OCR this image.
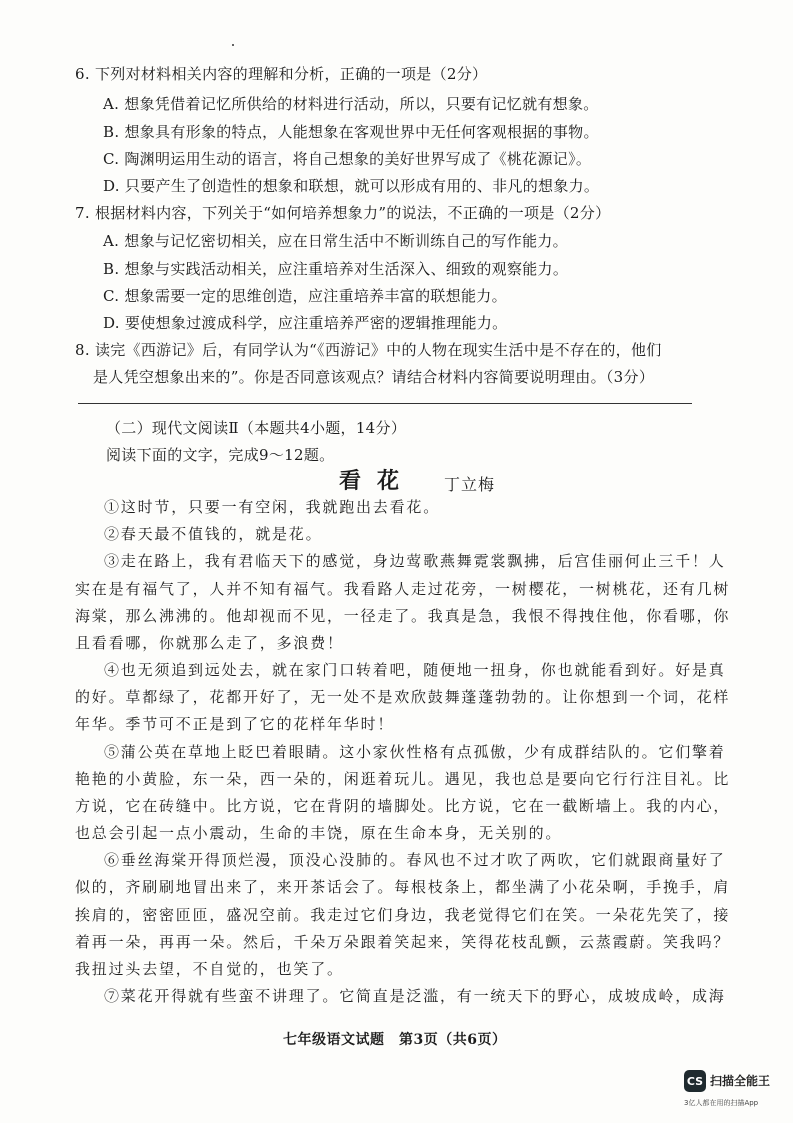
6. 下列对材料相关内容的理解和分析，正确的一项是（2分）
A. 想象凭借着记忆所供给的材料进行活动，所以，只要有记忆就有想象。
B. 想象具有形象的特点，人能想象在客观世界中无任何客观根据的事物。
C. 陶渊明运用生动的语言，将自己想象的美好世界写成了《桃花源记》。
D. 只要产生了创造性的想象和联想，就可以形成有用的、非凡的想象力。
7. 根据材料内容，下列关于“如何培养想象力”的说法，不正确的一项是（2分）
A. 想象与记忆密切相关，应在日常生活中不断训练自己的写作能力。
B. 想象与实践活动相关，应注重培养对生活深入、细致的观察能力。
C. 想象需要一定的思维创造，应注重培养丰富的联想能力。
D. 要使想象过渡成科学，应注重培养严密的逻辑推理能力。
8. 读完《西游记》后，有同学认为“《西游记》中的人物在现实生活中是不存在的，他们
是人凭空想象出来的”。你是否同意该观点？请结合材料内容简要说明理由。（3分）
（二）现代文阅读Ⅱ（本题共4小题，14分）
阅读下面的文字，完成9～12题。
看花 丁立梅
①这时节，只要一有空闲，我就跑出去看花。
②春天最不值钱的，就是花。
③走在路上，我有君临天下的感觉，身边莺歌燕舞霓裳飘拂，后宫佳丽何止三千！人
实在是有福气了，人并不知有福气。我看路人走过花旁，一树樱花，一树桃花，还有几树
海棠，那么沸沸的。他却视而不见，一径走了。我真是急，我恨不得拽住他，你看哪，你
且看看哪，你就那么走了，多浪费！
④也无须追到远处去，就在家门口转着吧，随便地一扭身，你也就能看到好。好是真
的好。草都绿了，花都开好了，无一处不是欢欣鼓舞蓬蓬勃勃的。让你想到一个词，花样
年华。季节可不正是到了它的花样年华时！
⑤蒲公英在草地上眨巴着眼睛。这小家伙性格有点孤傲，少有成群结队的。它们擎着
艳艳的小黄脸，东一朵，西一朵的，闲逛着玩儿。遇见，我也总是要向它行行注目礼。比
方说，它在砖缝中。比方说，它在背阴的墙脚处。比方说，它在一截断墙上。我的内心，
也总会引起一点小震动，生命的丰饶，原在生命本身，无关别的。
⑥垂丝海棠开得顶烂漫，顶没心没肺的。春风也不过才吹了两吹，它们就跟商量好了
似的，齐刷刷地冒出来了，来开茶话会了。每根枝条上，都坐满了小花朵啊，手挽手，肩
挨肩的，密密匝匝，盛况空前。我走过它们身边，我老觉得它们在笑。一朵花先笑了，接
着再一朵，再再一朵。然后，千朵万朵跟着笑起来，笑得花枝乱颤，云蒸霞蔚。笑我吗？
我扭过头去望，不自觉的，也笑了。
⑦菜花开得就有些蛮不讲理了。它简直是泛滥，有一统天下的野心，成坡成岭，成海
七年级语文试题　第3页（共6页）
CS 扫描全能王
3亿人都在用的扫描App
